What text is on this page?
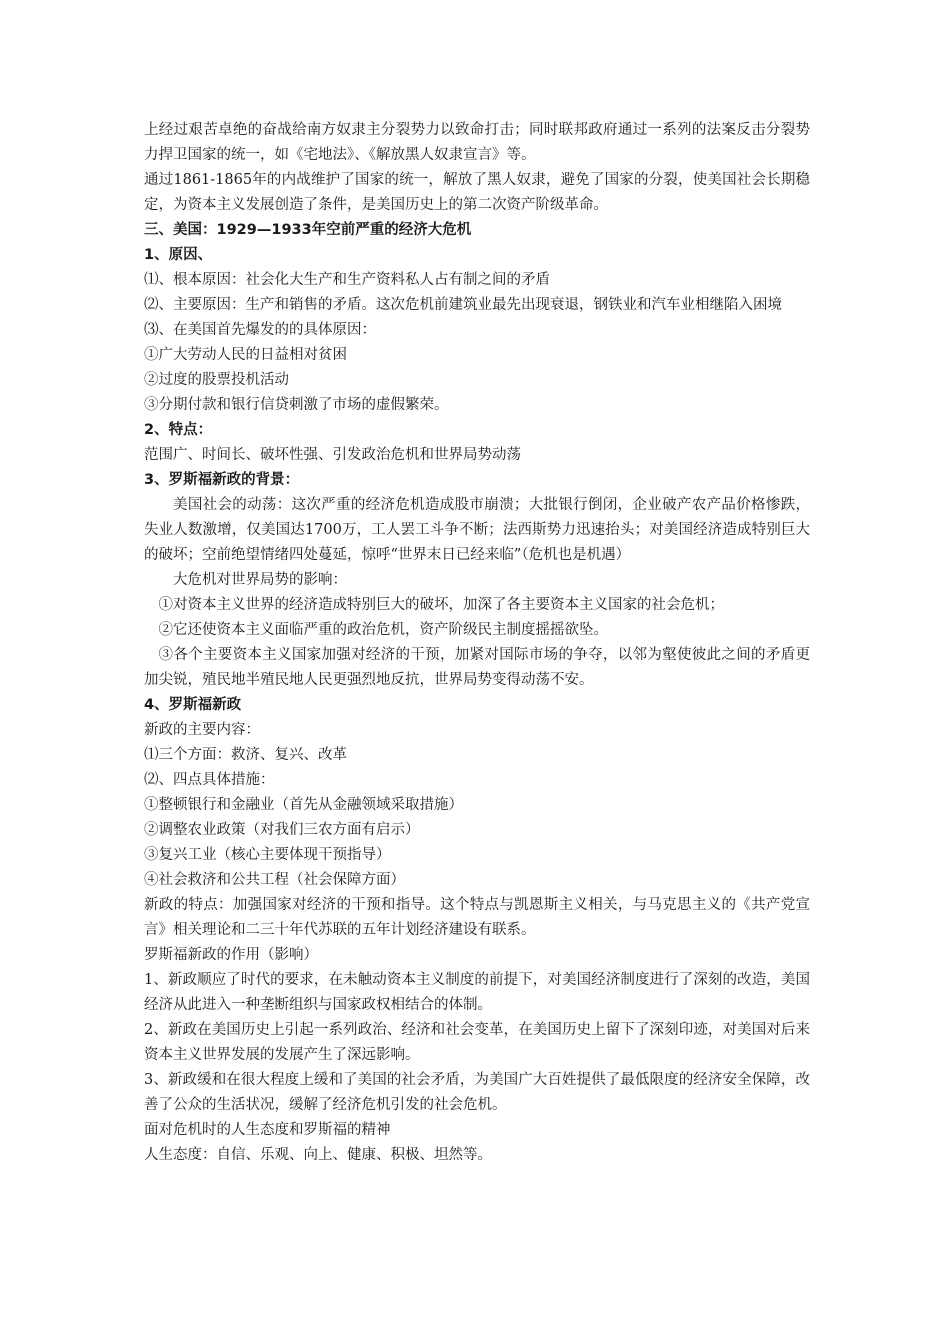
上经过艰苦卓绝的奋战给南方奴隶主分裂势力以致命打击；同时联邦政府通过一系列的法案反击分裂势力捍卫国家的统一，如《宅地法》、《解放黑人奴隶宣言》等。

通过1861-1865年的内战维护了国家的统一，解放了黑人奴隶，避免了国家的分裂，使美国社会长期稳定，为资本主义发展创造了条件，是美国历史上的第二次资产阶级革命。

三、美国：1929—1933年空前严重的经济大危机

1、原因、

⑴、根本原因：社会化大生产和生产资料私人占有制之间的矛盾

⑵、主要原因：生产和销售的矛盾。这次危机前建筑业最先出现衰退，钢铁业和汽车业相继陷入困境

⑶、在美国首先爆发的的具体原因：

①广大劳动人民的日益相对贫困

②过度的股票投机活动

③分期付款和银行信贷刺激了市场的虚假繁荣。

2、特点：

范围广、时间长、破坏性强、引发政治危机和世界局势动荡

3、罗斯福新政的背景：

美国社会的动荡：这次严重的经济危机造成股市崩溃；大批银行倒闭，企业破产农产品价格惨跌，失业人数激增，仅美国达1700万，工人罢工斗争不断；法西斯势力迅速抬头；对美国经济造成特别巨大的破坏；空前绝望情绪四处蔓延，惊呼“世界末日已经来临”（危机也是机遇）

大危机对世界局势的影响：

①对资本主义世界的经济造成特别巨大的破坏，加深了各主要资本主义国家的社会危机；

②它还使资本主义面临严重的政治危机，资产阶级民主制度摇摇欲坠。

③各个主要资本主义国家加强对经济的干预，加紧对国际市场的争夺，以邻为壑使彼此之间的矛盾更加尖锐，殖民地半殖民地人民更强烈地反抗，世界局势变得动荡不安。

4、罗斯福新政

新政的主要内容：

⑴三个方面：救济、复兴、改革

⑵、四点具体措施：

①整顿银行和金融业（首先从金融领域采取措施）

②调整农业政策（对我们三农方面有启示）

③复兴工业（核心主要体现干预指导）

④社会救济和公共工程（社会保障方面）

新政的特点：加强国家对经济的干预和指导。这个特点与凯恩斯主义相关，与马克思主义的《共产党宣言》相关理论和二三十年代苏联的五年计划经济建设有联系。

罗斯福新政的作用（影响）

1、新政顺应了时代的要求，在未触动资本主义制度的前提下，对美国经济制度进行了深刻的改造，美国经济从此进入一种垄断组织与国家政权相结合的体制。

2、新政在美国历史上引起一系列政治、经济和社会变革，在美国历史上留下了深刻印迹，对美国对后来资本主义世界发展的发展产生了深远影响。

3、新政缓和在很大程度上缓和了美国的社会矛盾，为美国广大百姓提供了最低限度的经济安全保障，改善了公众的生活状况，缓解了经济危机引发的社会危机。

面对危机时的人生态度和罗斯福的精神

人生态度：自信、乐观、向上、健康、积极、坦然等。
